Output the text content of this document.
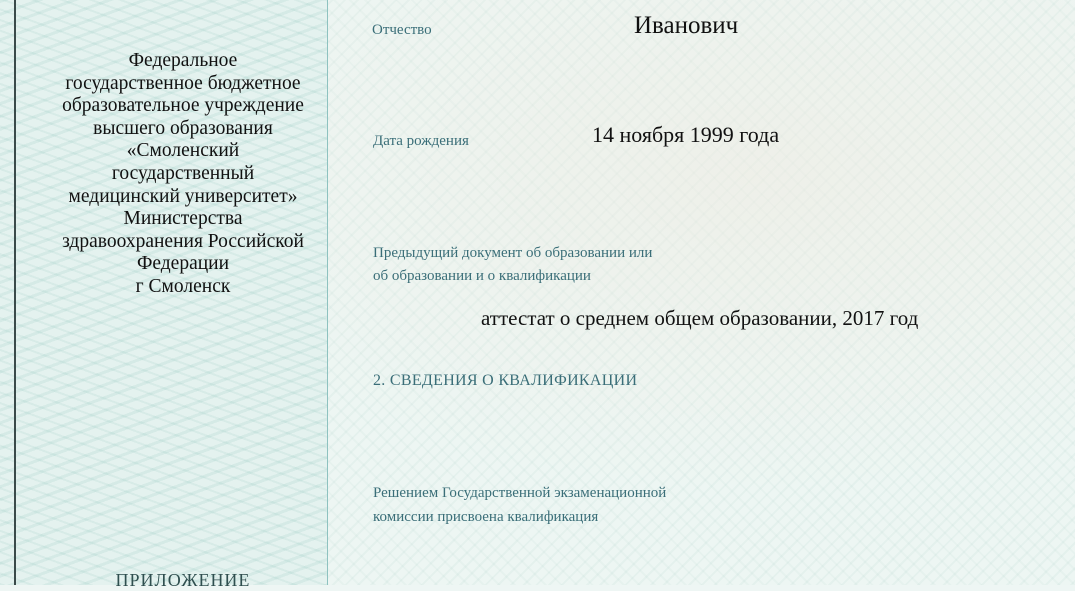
Федеральное
государственное бюджетное
образовательное учреждение
высшего образования
«Смоленский
государственный
медицинский университет»
Министерства
здравоохранения Российской
Федерации
г Смоленск
ПРИЛОЖЕНИЕ
Отчество	Иванович
Дата рождения	14 ноября 1999 года
Предыдущий документ об образовании или
об образовании и о квалификации
аттестат о среднем общем образовании, 2017 год
2. СВЕДЕНИЯ О КВАЛИФИКАЦИИ
Решением Государственной экзаменационной
комиссии присвоена квалификация
